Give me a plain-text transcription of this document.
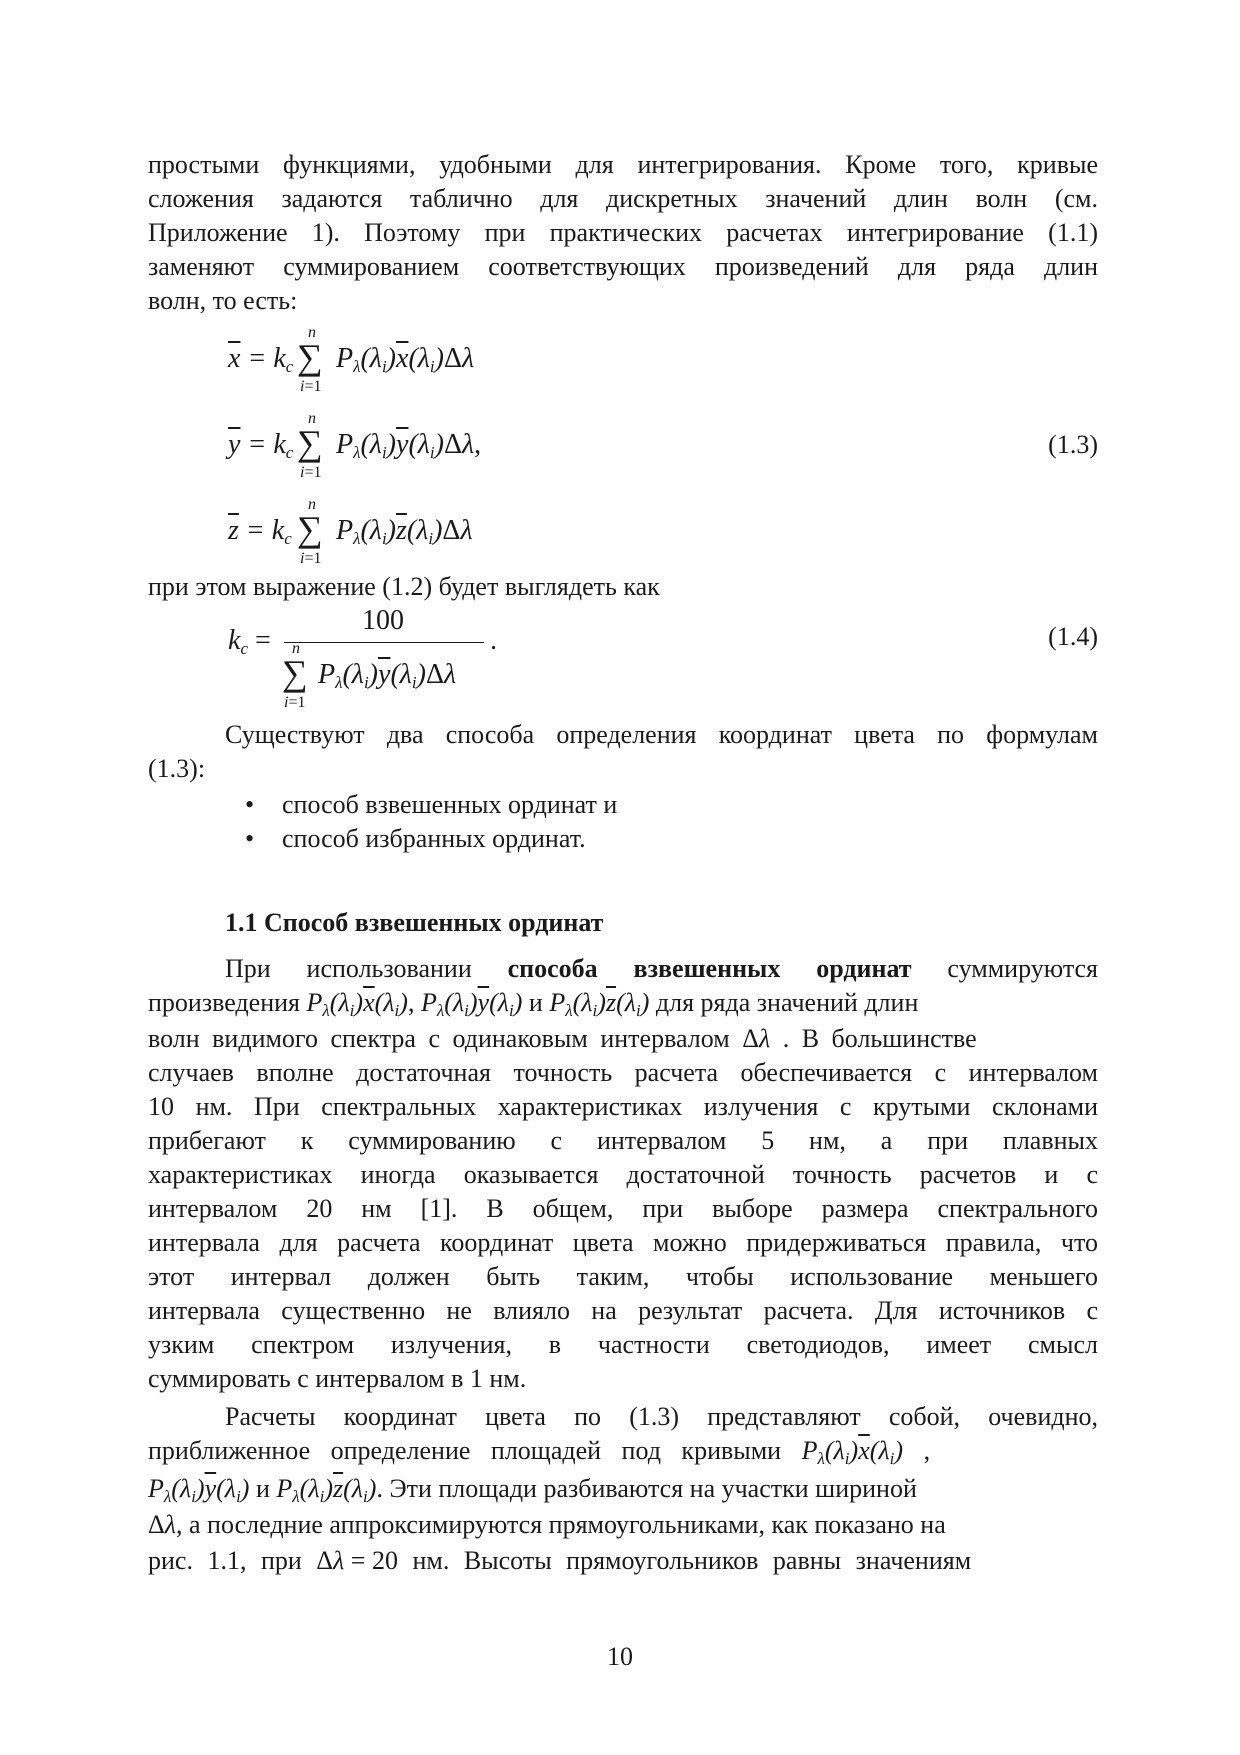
простыми функциями, удобными для интегрирования. Кроме того, кривые
сложения задаются таблично для дискретных значений длин волн (см.
Приложение 1). Поэтому при практических расчетах интегрирование (1.1)
заменяют суммированием соответствующих произведений для ряда длин
волн, то есть:
n
∑
i=1
$\overline{x} = k_c$ $P_\lambda(\lambda_i)\overline{x}(\lambda_i)\Delta\lambda$
n
∑
i=1
$\overline{y} = k_c$ $P_\lambda(\lambda_i)\overline{y}(\lambda_i)\Delta\lambda$,	(1.3)
n
∑
i=1
$\overline{z} = k_c$ $P_\lambda(\lambda_i)\overline{z}(\lambda_i)\Delta\lambda$
при этом выражение (1.2) будет выглядеть как
$k_c$ =
100
.
n
∑
i=1
$P_\lambda(\lambda_i)\overline{y}(\lambda_i)\Delta\lambda$
(1.4)
Существуют два способа определения координат цвета по формулам
(1.3):
• способ взвешенных ординат и
• способ избранных ординат.
1.1 Способ взвешенных ординат
При использовании способа взвешенных ординат суммируются
произведения $P_\lambda(\lambda_i)\overline{x}(\lambda_i)$, $P_\lambda(\lambda_i)\overline{y}(\lambda_i)$ и $P_\lambda(\lambda_i)\overline{z}(\lambda_i)$ для ряда значений длин
волн видимого спектра с одинаковым интервалом Δλ . В большинстве
случаев вполне достаточная точность расчета обеспечивается с интервалом
10 нм. При спектральных характеристиках излучения с крутыми склонами
прибегают к суммированию с интервалом 5 нм, а при плавных
характеристиках иногда оказывается достаточной точность расчетов и с
интервалом 20 нм [1]. В общем, при выборе размера спектрального
интервала для расчета координат цвета можно придерживаться правила, что
этот интервал должен быть таким, чтобы использование меньшего
интервала существенно не влияло на результат расчета. Для источников с
узким спектром излучения, в частности светодиодов, имеет смысл
суммировать с интервалом в 1 нм.
Расчеты координат цвета по (1.3) представляют собой, очевидно,
приближенное определение площадей под кривыми $P_\lambda(\lambda_i)\overline{x}(\lambda_i)$ ,
$P_\lambda(\lambda_i)\overline{y}(\lambda_i)$ и $P_\lambda(\lambda_i)\overline{z}(\lambda_i)$. Эти площади разбиваются на участки шириной
Δλ, а последние аппроксимируются прямоугольниками, как показано на
рис. 1.1, при Δλ = 20 нм. Высоты прямоугольников равны значениям
10
